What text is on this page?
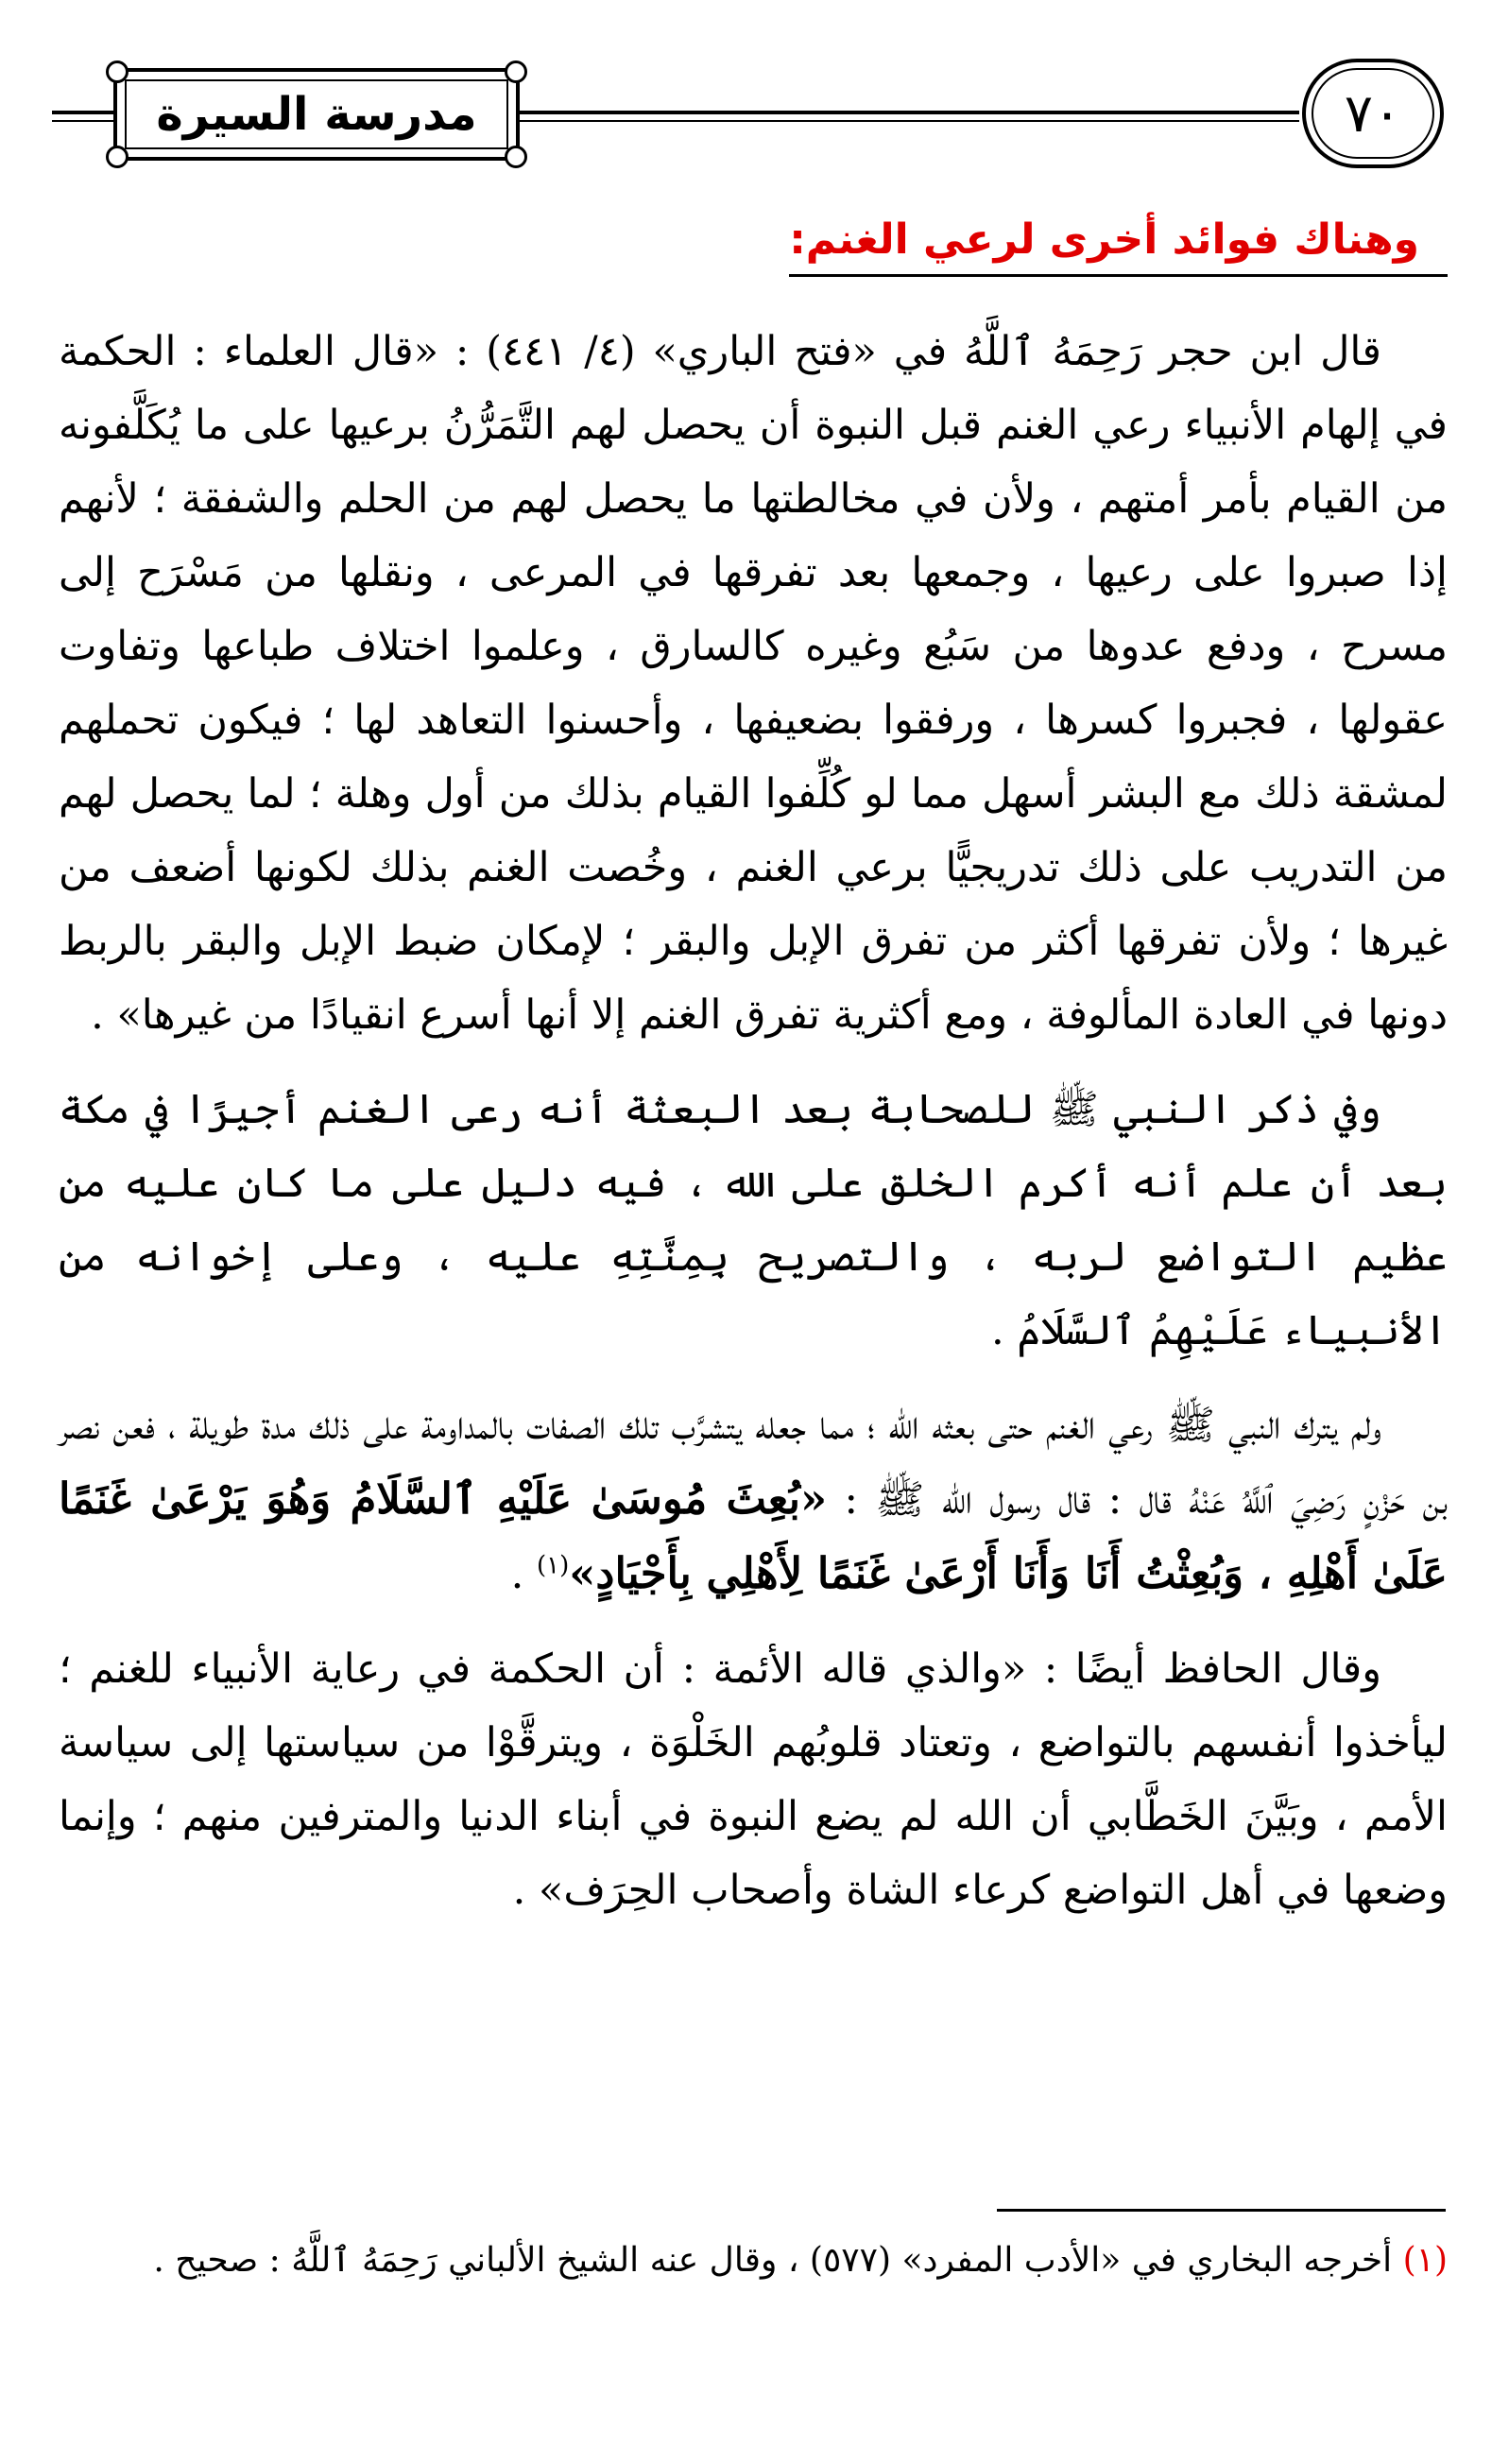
مدرسة السيرة	٧٠
وهناك فوائد أخرى لرعي الغنم:

قال ابن حجر رَحِمَهُ ٱللَّهُ في «فتح الباري» (٤/ ٤٤١) : «قال العلماء : الحكمة في إلهام الأنبياء رعي الغنم قبل النبوة أن يحصل لهم التَّمَرُّنُ برعيها على ما يُكَلَّفونه من القيام بأمر أمتهم ، ولأن في مخالطتها ما يحصل لهم من الحلم والشفقة ؛ لأنهم إذا صبروا على رعيها ، وجمعها بعد تفرقها في المرعى ، ونقلها من مَسْرَح إلى مسرح ، ودفع عدوها من سَبُع وغيره كالسارق ، وعلموا اختلاف طباعها وتفاوت عقولها ، فجبروا كسرها ، ورفقوا بضعيفها ، وأحسنوا التعاهد لها ؛ فيكون تحملهم لمشقة ذلك مع البشر أسهل مما لو كُلِّفوا القيام بذلك من أول وهلة ؛ لما يحصل لهم من التدريب على ذلك تدريجيًّا برعي الغنم ، وخُصت الغنم بذلك لكونها أضعف من غيرها ؛ ولأن تفرقها أكثر من تفرق الإبل والبقر ؛ لإمكان ضبط الإبل والبقر بالربط دونها في العادة المألوفة ، ومع أكثرية تفرق الغنم إلا أنها أسرع انقيادًا من غيرها» .

وفي ذكر النبي ﷺ للصحابة بعد البعثة أنه رعى الغنم أجيرًا في مكة بعد أن علم أنه أكرم الخلق على الله ، فيه دليل على ما كان عليه من عظيم التواضع لربه ، والتصريح بِمِنَّتِهِ عليه ، وعلى إخوانه من الأنبياء عَلَيْهِمُ ٱلسَّلَامُ .

ولم يترك النبي ﷺ رعي الغنم حتى بعثه الله ؛ مما جعله يتشرَّب تلك الصفات بالمداومة على ذلك مدة طويلة ، فعن نصر بن حَزْنٍ رَضِيَ ٱللَّهُ عَنْهُ قال : قال رسول الله ﷺ : «بُعِثَ مُوسَىٰ عَلَيْهِ ٱلسَّلَامُ وَهُوَ يَرْعَىٰ غَنَمًا عَلَىٰ أَهْلِهِ ، وَبُعِثْتُ أَنَا وَأَنَا أَرْعَىٰ غَنَمًا لِأَهْلِي بِأَجْيَادٍ»$^{(١)}$ .

وقال الحافظ أيضًا : «والذي قاله الأئمة : أن الحكمة في رعاية الأنبياء للغنم ؛ ليأخذوا أنفسهم بالتواضع ، وتعتاد قلوبُهم الخَلْوَة ، ويترقَّوْا من سياستها إلى سياسة الأمم ، وبَيَّنَ الخَطَّابي أن الله لم يضع النبوة في أبناء الدنيا والمترفين منهم ؛ وإنما وضعها في أهل التواضع كرعاء الشاة وأصحاب الحِرَف» .

(١) أخرجه البخاري في «الأدب المفرد» (٥٧٧) ، وقال عنه الشيخ الألباني رَحِمَهُ ٱللَّهُ : صحيح .
